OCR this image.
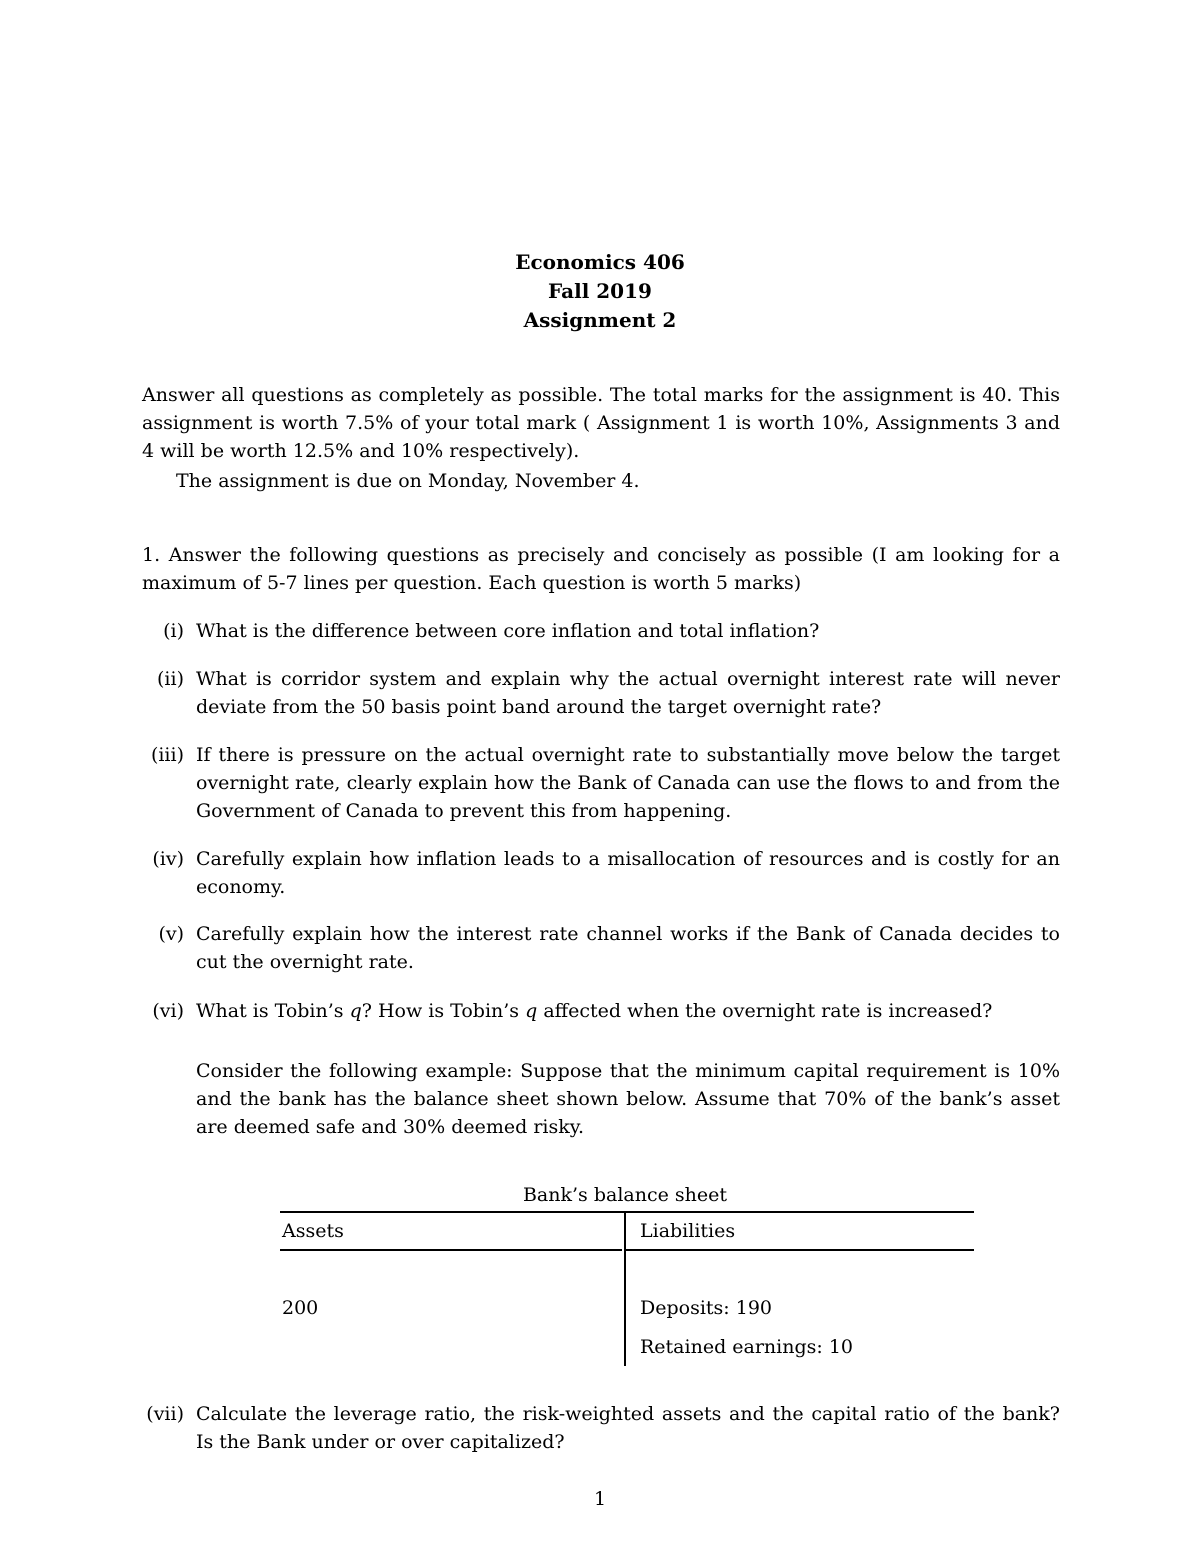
Economics 406
Fall 2019
Assignment 2
Answer all questions as completely as possible. The total marks for the assignment is 40. This assignment is worth 7.5% of your total mark ( Assignment 1 is worth 10%, Assignments 3 and 4 will be worth 12.5% and 10% respectively).
The assignment is due on Monday, November 4.
1. Answer the following questions as precisely and concisely as possible (I am looking for a maximum of 5-7 lines per question. Each question is worth 5 marks)
(i) What is the difference between core inflation and total inflation?
(ii) What is corridor system and explain why the actual overnight interest rate will never deviate from the 50 basis point band around the target overnight rate?
(iii) If there is pressure on the actual overnight rate to substantially move below the target overnight rate, clearly explain how the Bank of Canada can use the flows to and from the Government of Canada to prevent this from happening.
(iv) Carefully explain how inflation leads to a misallocation of resources and is costly for an economy.
(v) Carefully explain how the interest rate channel works if the Bank of Canada decides to cut the overnight rate.
(vi) What is Tobin’s q? How is Tobin’s q affected when the overnight rate is increased?
Consider the following example: Suppose that the minimum capital requirement is 10% and the bank has the balance sheet shown below. Assume that 70% of the bank’s asset are deemed safe and 30% deemed risky.
Bank’s balance sheet
Assets	Liabilities
200	Deposits: 190
Retained earnings: 10
(vii) Calculate the leverage ratio, the risk-weighted assets and the capital ratio of the bank? Is the Bank under or over capitalized?
1
